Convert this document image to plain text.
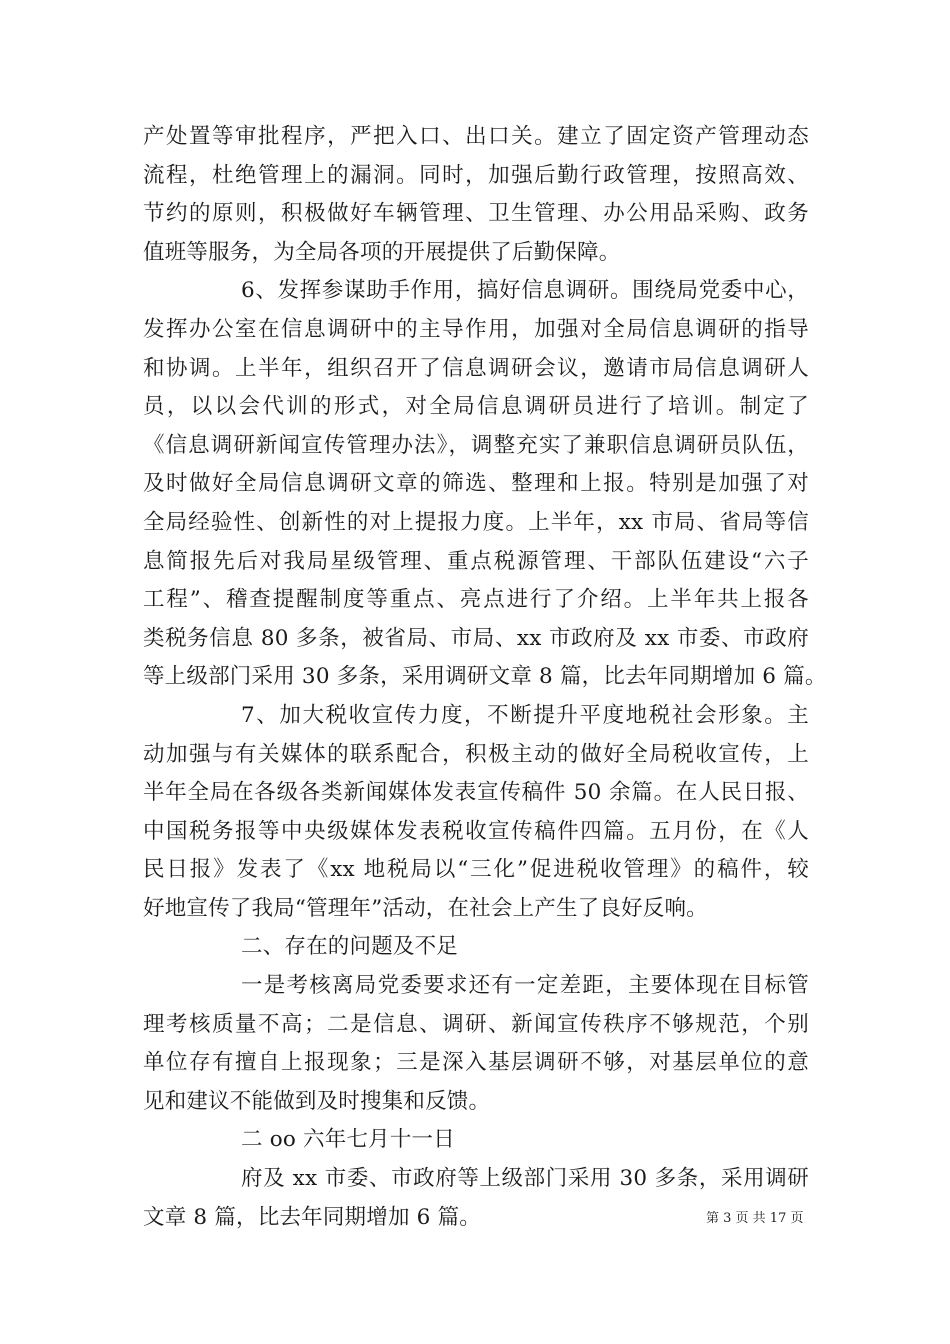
产处置等审批程序，严把入口、出口关。建立了固定资产管理动态
流程，杜绝管理上的漏洞。同时，加强后勤行政管理，按照高效、
节约的原则，积极做好车辆管理、卫生管理、办公用品采购、政务
值班等服务，为全局各项的开展提供了后勤保障。
6、发挥参谋助手作用，搞好信息调研。围绕局党委中心，
发挥办公室在信息调研中的主导作用，加强对全局信息调研的指导
和协调。上半年，组织召开了信息调研会议，邀请市局信息调研人
员，以以会代训的形式，对全局信息调研员进行了培训。制定了
《信息调研新闻宣传管理办法》，调整充实了兼职信息调研员队伍，
及时做好全局信息调研文章的筛选、整理和上报。特别是加强了对
全局经验性、创新性的对上提报力度。上半年，xx 市局、省局等信
息简报先后对我局星级管理、重点税源管理、干部队伍建设“六子
工程”、稽查提醒制度等重点、亮点进行了介绍。上半年共上报各
类税务信息 80 多条，被省局、市局、xx 市政府及 xx 市委、市政府
等上级部门采用 30 多条，采用调研文章 8 篇，比去年同期增加 6 篇。
7、加大税收宣传力度，不断提升平度地税社会形象。主
动加强与有关媒体的联系配合，积极主动的做好全局税收宣传，上
半年全局在各级各类新闻媒体发表宣传稿件 50 余篇。在人民日报、
中国税务报等中央级媒体发表税收宣传稿件四篇。五月份，在《人
民日报》发表了《xx 地税局以“三化”促进税收管理》的稿件，较
好地宣传了我局“管理年”活动，在社会上产生了良好反响。
二、存在的问题及不足
一是考核离局党委要求还有一定差距，主要体现在目标管
理考核质量不高；二是信息、调研、新闻宣传秩序不够规范，个别
单位存有擅自上报现象；三是深入基层调研不够，对基层单位的意
见和建议不能做到及时搜集和反馈。
二 oo 六年七月十一日
府及 xx 市委、市政府等上级部门采用 30 多条，采用调研
文章 8 篇，比去年同期增加 6 篇。	第 3 页 共 17 页
